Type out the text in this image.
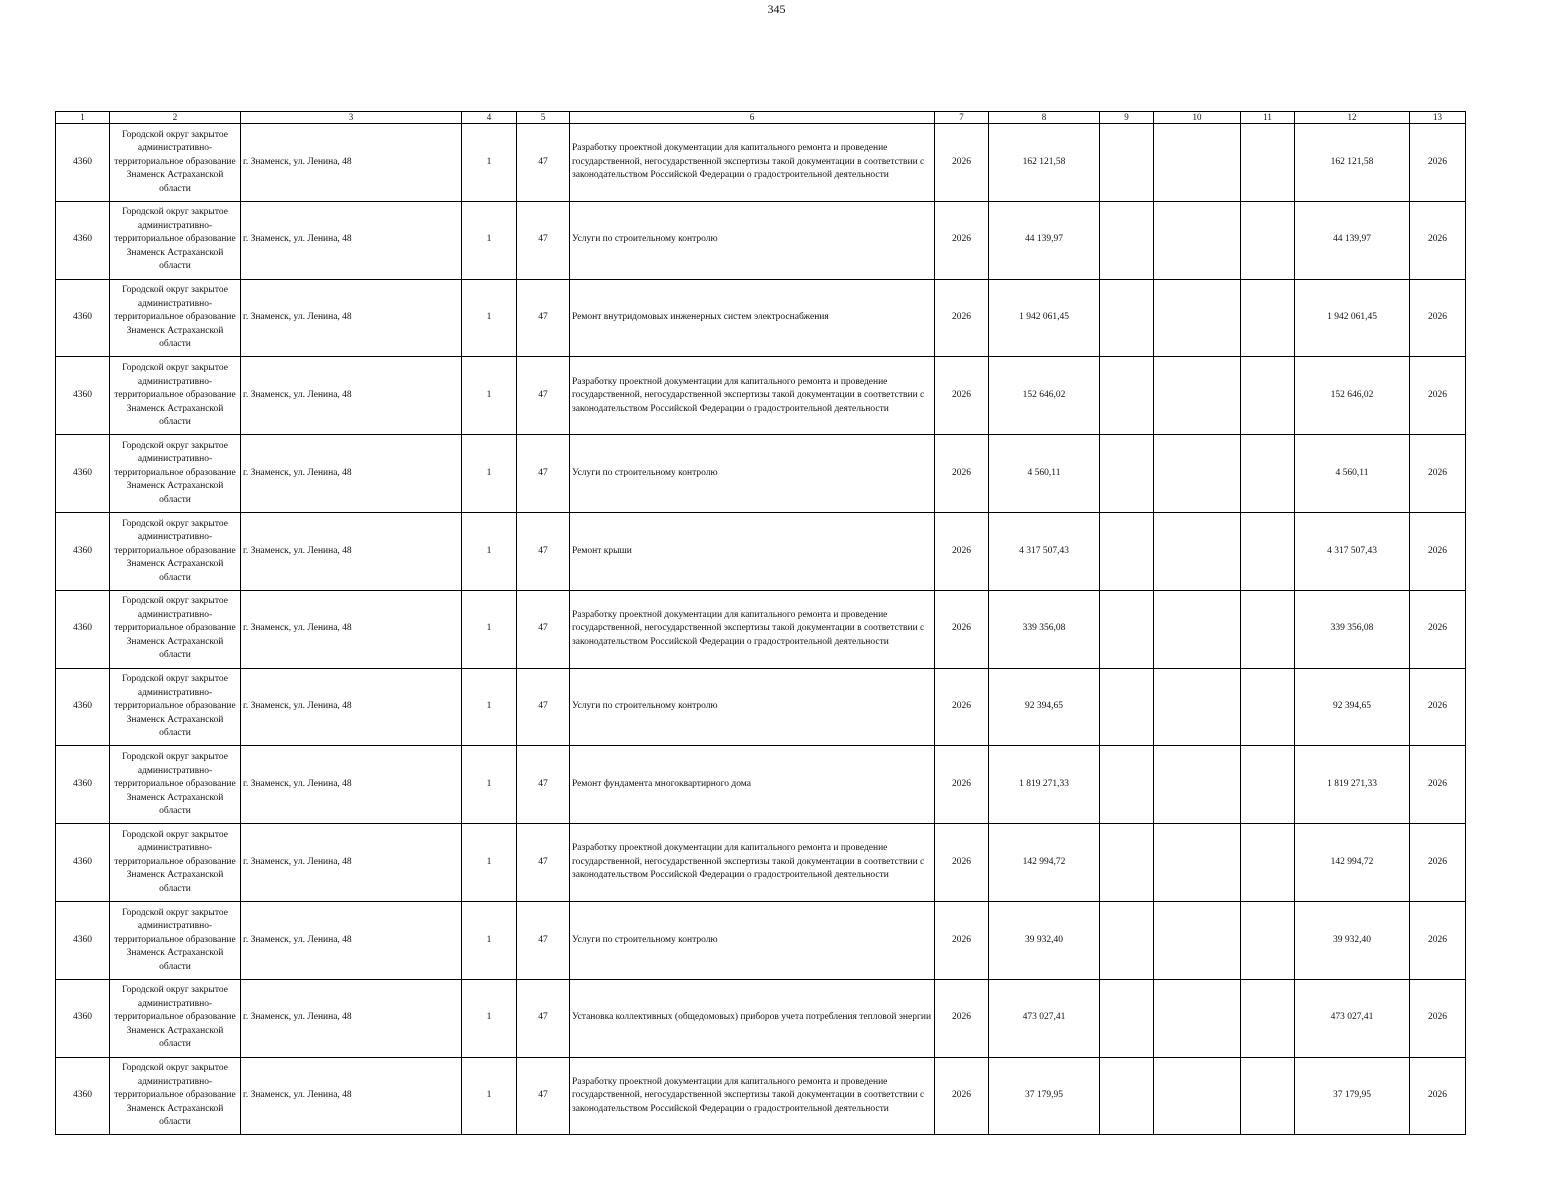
345
1	2	3	4	5	6	7	8	9	10	11	12	13
4360	Городской округ закрытое административно-территориальное образование Знаменск Астраханской области	г. Знаменск, ул. Ленина, 48	1	47	Разработку проектной документации для капитального ремонта и проведение государственной, негосударственной экспертизы такой документации в соответствии с законодательством Российской Федерации о градостроительной деятельности	2026	162 121,58				162 121,58	2026
4360	Городской округ закрытое административно-территориальное образование Знаменск Астраханской области	г. Знаменск, ул. Ленина, 48	1	47	Услуги по строительному контролю	2026	44 139,97				44 139,97	2026
4360	Городской округ закрытое административно-территориальное образование Знаменск Астраханской области	г. Знаменск, ул. Ленина, 48	1	47	Ремонт внутридомовых инженерных систем электроснабжения	2026	1 942 061,45				1 942 061,45	2026
4360	Городской округ закрытое административно-территориальное образование Знаменск Астраханской области	г. Знаменск, ул. Ленина, 48	1	47	Разработку проектной документации для капитального ремонта и проведение государственной, негосударственной экспертизы такой документации в соответствии с законодательством Российской Федерации о градостроительной деятельности	2026	152 646,02				152 646,02	2026
4360	Городской округ закрытое административно-территориальное образование Знаменск Астраханской области	г. Знаменск, ул. Ленина, 48	1	47	Услуги по строительному контролю	2026	4 560,11				4 560,11	2026
4360	Городской округ закрытое административно-территориальное образование Знаменск Астраханской области	г. Знаменск, ул. Ленина, 48	1	47	Ремонт крыши	2026	4 317 507,43				4 317 507,43	2026
4360	Городской округ закрытое административно-территориальное образование Знаменск Астраханской области	г. Знаменск, ул. Ленина, 48	1	47	Разработку проектной документации для капитального ремонта и проведение государственной, негосударственной экспертизы такой документации в соответствии с законодательством Российской Федерации о градостроительной деятельности	2026	339 356,08				339 356,08	2026
4360	Городской округ закрытое административно-территориальное образование Знаменск Астраханской области	г. Знаменск, ул. Ленина, 48	1	47	Услуги по строительному контролю	2026	92 394,65				92 394,65	2026
4360	Городской округ закрытое административно-территориальное образование Знаменск Астраханской области	г. Знаменск, ул. Ленина, 48	1	47	Ремонт фундамента многоквартирного дома	2026	1 819 271,33				1 819 271,33	2026
4360	Городской округ закрытое административно-территориальное образование Знаменск Астраханской области	г. Знаменск, ул. Ленина, 48	1	47	Разработку проектной документации для капитального ремонта и проведение государственной, негосударственной экспертизы такой документации в соответствии с законодательством Российской Федерации о градостроительной деятельности	2026	142 994,72				142 994,72	2026
4360	Городской округ закрытое административно-территориальное образование Знаменск Астраханской области	г. Знаменск, ул. Ленина, 48	1	47	Услуги по строительному контролю	2026	39 932,40				39 932,40	2026
4360	Городской округ закрытое административно-территориальное образование Знаменск Астраханской области	г. Знаменск, ул. Ленина, 48	1	47	Установка коллективных (общедомовых) приборов учета потребления тепловой энергии	2026	473 027,41				473 027,41	2026
4360	Городской округ закрытое административно-территориальное образование Знаменск Астраханской области	г. Знаменск, ул. Ленина, 48	1	47	Разработку проектной документации для капитального ремонта и проведение государственной, негосударственной экспертизы такой документации в соответствии с законодательством Российской Федерации о градостроительной деятельности	2026	37 179,95				37 179,95	2026
